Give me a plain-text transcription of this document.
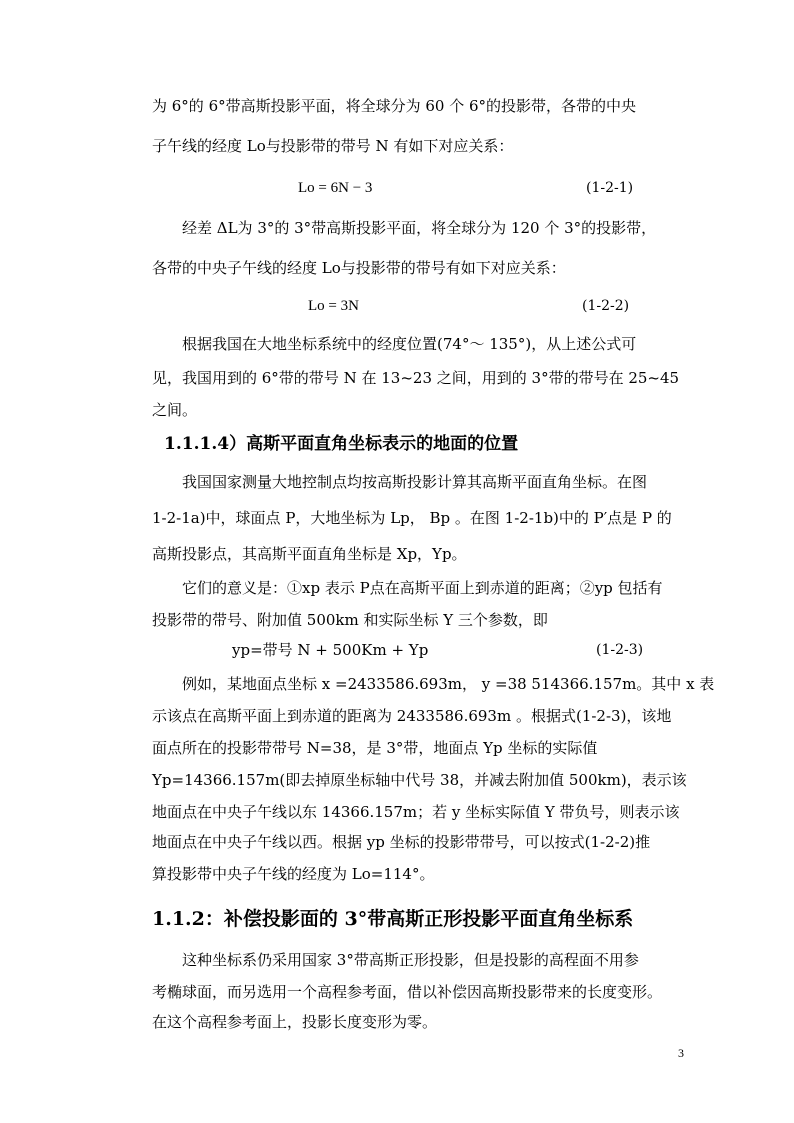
为 6°的 6°带高斯投影平面，将全球分为 60 个 6°的投影带，各带的中央
子午线的经度 Lo与投影带的带号 N 有如下对应关系：
Lo = 6N − 3	(1-2-1)
经差 ΔL为 3°的 3°带高斯投影平面，将全球分为 120 个 3°的投影带，
各带的中央子午线的经度 Lo与投影带的带号有如下对应关系：
Lo = 3N	(1-2-2)
根据我国在大地坐标系统中的经度位置(74°～ 135°)，从上述公式可
见，我国用到的 6°带的带号 N 在 13~23 之间，用到的 3°带的带号在 25~45
之间。
1.1.1.4）高斯平面直角坐标表示的地面的位置
我国国家测量大地控制点均按高斯投影计算其高斯平面直角坐标。在图
1-2-1a)中，球面点 P，大地坐标为 Lp， Bp 。在图 1-2-1b)中的 P′点是 P 的
高斯投影点，其高斯平面直角坐标是 Xp，Yp。
它们的意义是：①xp 表示 P点在高斯平面上到赤道的距离；②yp 包括有
投影带的带号、附加值 500km 和实际坐标 Y 三个参数，即
yp=带号 N + 500Km + Yp	(1-2-3)
例如，某地面点坐标 x =2433586.693m， y =38 514366.157m。其中 x 表
示该点在高斯平面上到赤道的距离为 2433586.693m 。根据式(1-2-3)，该地
面点所在的投影带带号 N=38，是 3°带，地面点 Yp 坐标的实际值
Yp=14366.157m(即去掉原坐标轴中代号 38，并减去附加值 500km)，表示该
地面点在中央子午线以东 14366.157m；若 y 坐标实际值 Y 带负号，则表示该
地面点在中央子午线以西。根据 yp 坐标的投影带带号，可以按式(1-2-2)推
算投影带中央子午线的经度为 Lo=114°。
1.1.2：补偿投影面的 3°带高斯正形投影平面直角坐标系
这种坐标系仍采用国家 3°带高斯正形投影，但是投影的高程面不用参
考椭球面，而另选用一个高程参考面，借以补偿因高斯投影带来的长度变形。
在这个高程参考面上，投影长度变形为零。
3
